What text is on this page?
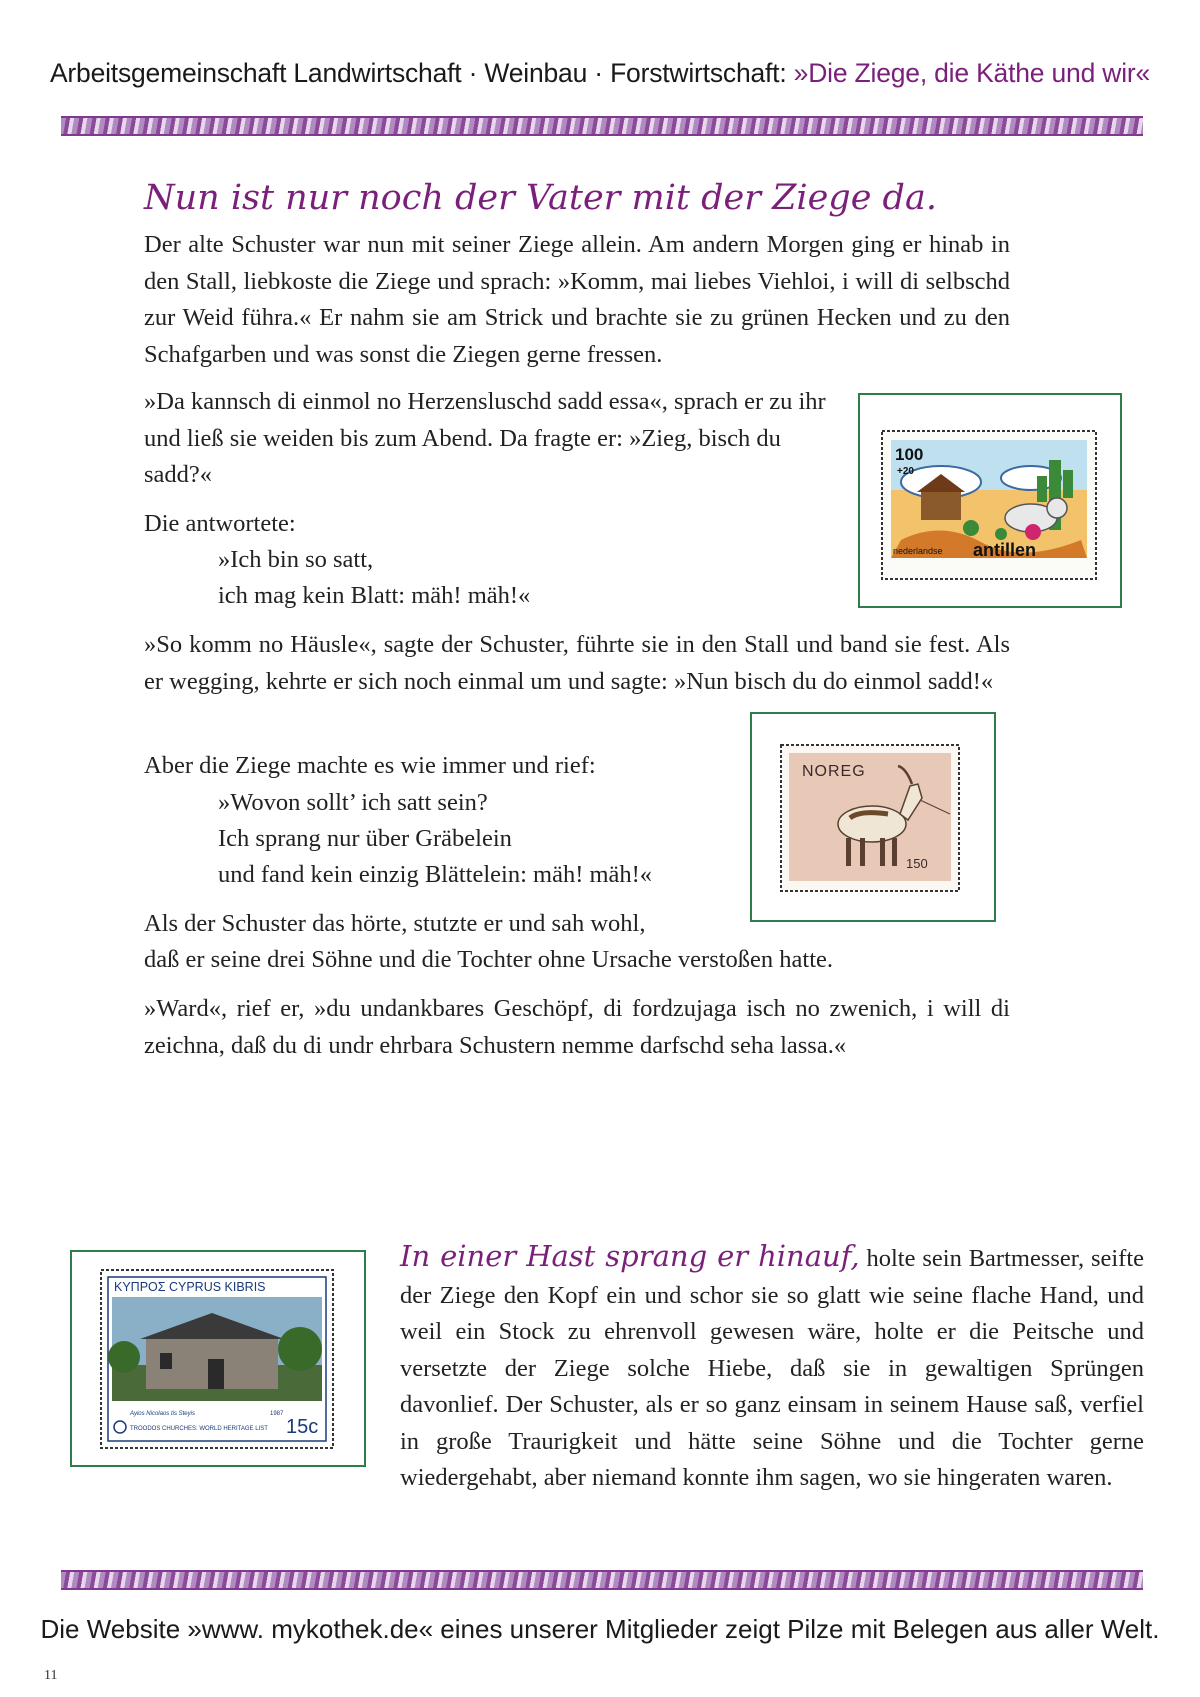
Arbeitsgemeinschaft Landwirtschaft · Weinbau · Forstwirtschaft: »Die Ziege, die Käthe und wir«
Nun ist nur noch der Vater mit der Ziege da.

Der alte Schuster war nun mit seiner Ziege allein. Am andern Morgen ging er hinab in den Stall, liebkoste die Ziege und sprach: »Komm, mai liebes Viehloi, i will di selbschd zur Weid führa.« Er nahm sie am Strick und brachte sie zu grünen Hecken und zu den Schafgarben und was sonst die Ziegen gerne fressen.

»Da kannsch di einmol no Herzensluschd sadd essa«, sprach er zu ihr und ließ sie weiden bis zum Abend. Da fragte er: »Zieg, bisch du sadd?«

Die antwortete:

»Ich bin so satt,

ich mag kein Blatt: mäh! mäh!«

»So komm no Häusle«, sagte der Schuster, führte sie in den Stall und band sie fest. Als er wegging, kehrte er sich noch einmal um und sagte: »Nun bisch du do einmol sadd!«

Aber die Ziege machte es wie immer und rief:

»Wovon sollt’ ich satt sein?

Ich sprang nur über Gräbelein

und fand kein einzig Blättelein: mäh! mäh!«

Als der Schuster das hörte, stutzte er und sah wohl,

daß er seine drei Söhne und die Tochter ohne Ursache verstoßen hatte.

»Ward«, rief er, »du undankbares Geschöpf, di fordzujaga isch no zwenich, i will di zeichna, daß du di undr ehrbara Schustern nemme darfschd seha lassa.«

100
+20
nederlandse antillen
NOREG
150
ΚΥΠΡΟΣ CYPRUS KIBRIS
Ayios Nicolaos tis Steyis	1987
TROODOS CHURCHES: WORLD HERITAGE LIST 15c

In einer Hast sprang er hinauf, holte sein Bartmesser, seifte der Ziege den Kopf ein und schor sie so glatt wie seine flache Hand, und weil ein Stock zu ehrenvoll gewesen wäre, holte er die Peitsche und versetzte der Ziege solche Hiebe, daß sie in gewaltigen Sprüngen davonlief. Der Schuster, als er so ganz einsam in seinem Hause saß, verfiel in große Traurigkeit und hätte seine Söhne und die Tochter gerne wiedergehabt, aber niemand konnte ihm sagen, wo sie hingeraten waren.

Die Website »www. mykothek.de« eines unserer Mitglieder zeigt Pilze mit Belegen aus aller Welt.
11
